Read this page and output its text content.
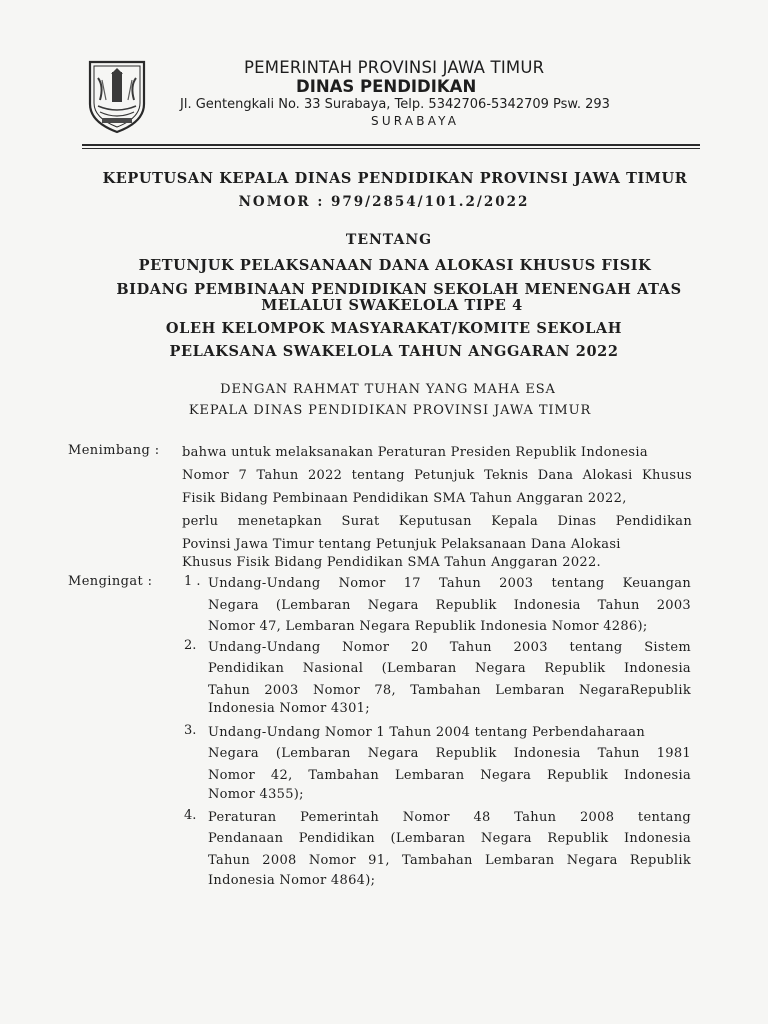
PEMERINTAH PROVINSI JAWA TIMUR
DINAS PENDIDIKAN
Jl. Gentengkali No. 33 Surabaya, Telp. 5342706-5342709 Psw. 293
SURABAYA
KEPUTUSAN KEPALA DINAS PENDIDIKAN PROVINSI JAWA TIMUR
NOMOR : 979/2854/101.2/2022
TENTANG
PETUNJUK PELAKSANAAN DANA ALOKASI KHUSUS FISIK
BIDANG PEMBINAAN PENDIDIKAN SEKOLAH MENENGAH ATAS
MELALUI SWAKELOLA TIPE 4
OLEH KELOMPOK MASYARAKAT/KOMITE SEKOLAH
PELAKSANA SWAKELOLA TAHUN ANGGARAN 2022
DENGAN RAHMAT TUHAN YANG MAHA ESA
KEPALA DINAS PENDIDIKAN PROVINSI JAWA TIMUR
Menimbang : bahwa untuk melaksanakan Peraturan Presiden Republik Indonesia
Nomor 7 Tahun 2022 tentang Petunjuk Teknis Dana Alokasi Khusus
Fisik Bidang Pembinaan Pendidikan SMA Tahun Anggaran 2022,
perlu menetapkan Surat Keputusan Kepala Dinas Pendidikan
Povinsi Jawa Timur tentang Petunjuk Pelaksanaan Dana Alokasi
Khusus Fisik Bidang Pendidikan SMA Tahun Anggaran 2022.
Mengingat : 1 . Undang-Undang Nomor 17 Tahun 2003 tentang Keuangan
Negara (Lembaran Negara Republik Indonesia Tahun 2003
Nomor 47, Lembaran Negara Republik Indonesia Nomor 4286);
2. Undang-Undang Nomor 20 Tahun 2003 tentang Sistem
Pendidikan Nasional (Lembaran Negara Republik Indonesia
Tahun 2003 Nomor 78, Tambahan Lembaran NegaraRepublik
Indonesia Nomor 4301;
3. Undang-Undang Nomor 1 Tahun 2004 tentang Perbendaharaan
Negara (Lembaran Negara Republik Indonesia Tahun 1981
Nomor 42, Tambahan Lembaran Negara Republik Indonesia
Nomor 4355);
4. Peraturan Pemerintah Nomor 48 Tahun 2008 tentang
Pendanaan Pendidikan (Lembaran Negara Republik Indonesia
Tahun 2008 Nomor 91, Tambahan Lembaran Negara Republik
Indonesia Nomor 4864);
